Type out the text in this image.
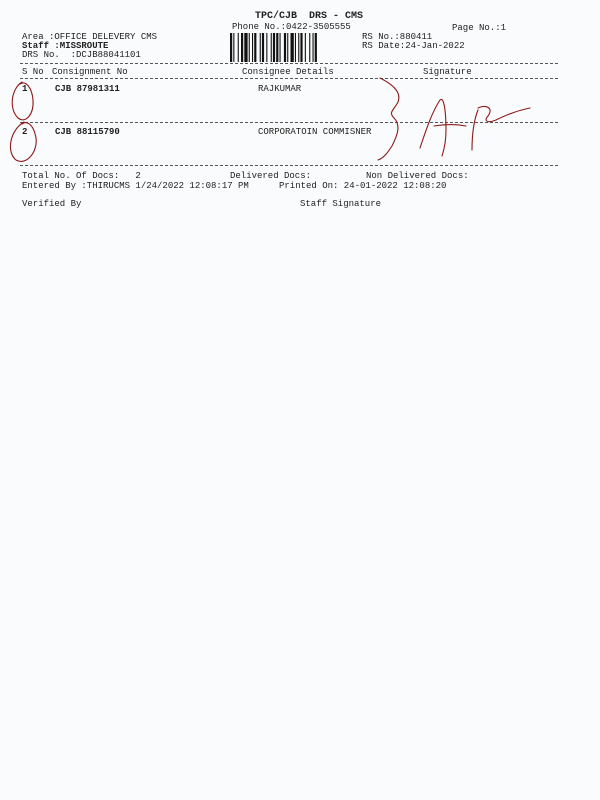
TPC/CJB  DRS - CMS
Phone No.:0422-3505555	Page No.:1
Area :OFFICE DELEVERY CMS
Staff :MISSROUTE
DRS No.  :DCJB88041101
RS No.:880411
RS Date:24-Jan-2022
S No Consignment No	Consignee Details	Signature
1	CJB 87981311	RAJKUMAR
2	CJB 88115790	CORPORATOIN COMMISNER
Total No. Of Docs:   2	Delivered Docs:	Non Delivered Docs:
Entered By :THIRUCMS 1/24/2022 12:08:17 PM	Printed On: 24-01-2022 12:08:20
Verified By	Staff Signature
